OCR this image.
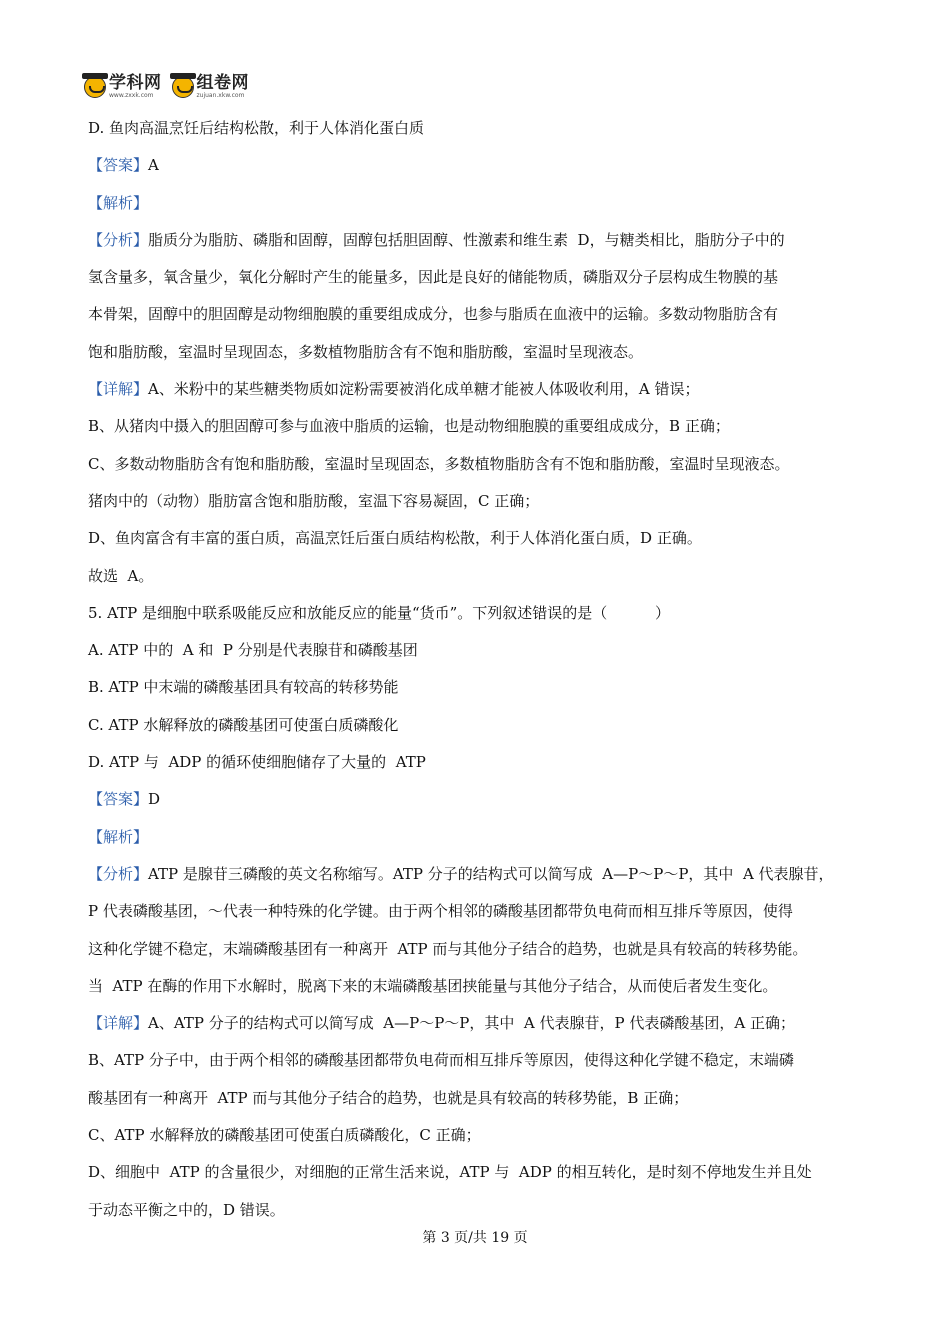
学科网
www.zxxk.com
组卷网
zujuan.xkw.com
D. 鱼肉高温烹饪后结构松散，利于人体消化蛋白质
【答案】A
【解析】
【分析】脂质分为脂肪、磷脂和固醇，固醇包括胆固醇、性激素和维生素  D，与糖类相比，脂肪分子中的
氢含量多，氧含量少，氧化分解时产生的能量多，因此是良好的储能物质，磷脂双分子层构成生物膜的基
本骨架，固醇中的胆固醇是动物细胞膜的重要组成成分，也参与脂质在血液中的运输。多数动物脂肪含有
饱和脂肪酸，室温时呈现固态，多数植物脂肪含有不饱和脂肪酸，室温时呈现液态。
【详解】A、米粉中的某些糖类物质如淀粉需要被消化成单糖才能被人体吸收利用，A 错误；
B、从猪肉中摄入的胆固醇可参与血液中脂质的运输，也是动物细胞膜的重要组成成分，B 正确；
C、多数动物脂肪含有饱和脂肪酸，室温时呈现固态，多数植物脂肪含有不饱和脂肪酸，室温时呈现液态。
猪肉中的（动物）脂肪富含饱和脂肪酸，室温下容易凝固，C 正确；
D、鱼肉富含有丰富的蛋白质，高温烹饪后蛋白质结构松散，利于人体消化蛋白质，D 正确。
故选  A。
5. ATP 是细胞中联系吸能反应和放能反应的能量“货币”。下列叙述错误的是（          ）
A. ATP 中的  A 和  P 分别是代表腺苷和磷酸基团
B. ATP 中末端的磷酸基团具有较高的转移势能
C. ATP 水解释放的磷酸基团可使蛋白质磷酸化
D. ATP 与  ADP 的循环使细胞储存了大量的  ATP
【答案】D
【解析】
【分析】ATP 是腺苷三磷酸的英文名称缩写。ATP 分子的结构式可以简写成  A—P～P～P，其中  A 代表腺苷，
P 代表磷酸基团，～代表一种特殊的化学键。由于两个相邻的磷酸基团都带负电荷而相互排斥等原因，使得
这种化学键不稳定，末端磷酸基团有一种离开  ATP 而与其他分子结合的趋势，也就是具有较高的转移势能。
当  ATP 在酶的作用下水解时，脱离下来的末端磷酸基团挟能量与其他分子结合，从而使后者发生变化。
【详解】A、ATP 分子的结构式可以简写成  A—P～P～P，其中  A 代表腺苷，P 代表磷酸基团，A 正确；
B、ATP 分子中，由于两个相邻的磷酸基团都带负电荷而相互排斥等原因，使得这种化学键不稳定，末端磷
酸基团有一种离开  ATP 而与其他分子结合的趋势，也就是具有较高的转移势能，B 正确；
C、ATP 水解释放的磷酸基团可使蛋白质磷酸化，C 正确；
D、细胞中  ATP 的含量很少，对细胞的正常生活来说，ATP 与  ADP 的相互转化，是时刻不停地发生并且处
于动态平衡之中的，D 错误。
第 3 页/共 19 页
